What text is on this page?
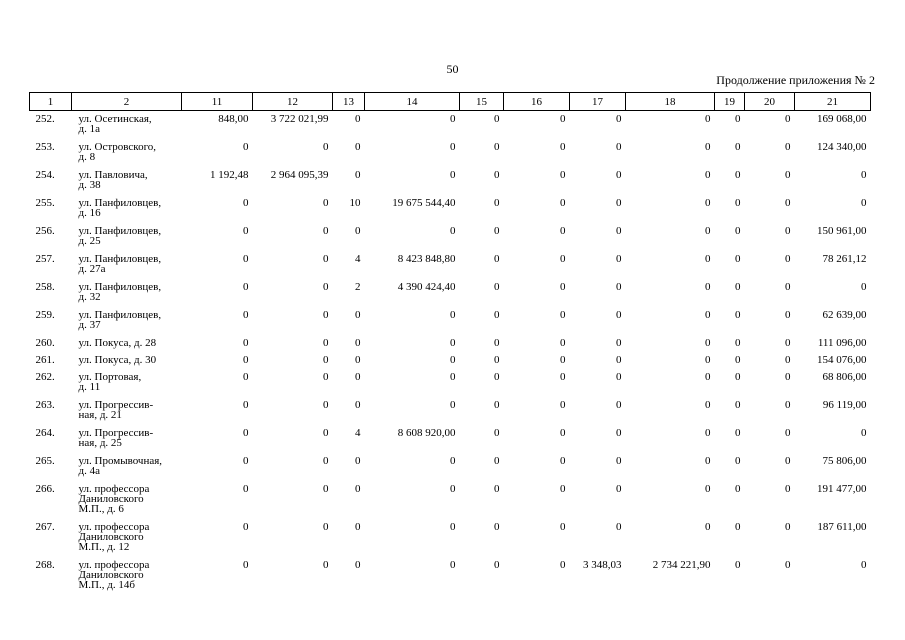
50
Продолжение приложения № 2
1	2	11	12	13	14	15	16	17	18	19	20	21
252.	ул. Осетинская,
д. 1а	848,00	3 722 021,99	0	0	0	0	0	0	0	0	169 068,00
253.	ул. Островского,
д. 8	0	0	0	0	0	0	0	0	0	0	124 340,00
254.	ул. Павловича,
д. 38	1 192,48	2 964 095,39	0	0	0	0	0	0	0	0	0
255.	ул. Панфиловцев,
д. 16	0	0	10	19 675 544,40	0	0	0	0	0	0	0
256.	ул. Панфиловцев,
д. 25	0	0	0	0	0	0	0	0	0	0	150 961,00
257.	ул. Панфиловцев,
д. 27а	0	0	4	8 423 848,80	0	0	0	0	0	0	78 261,12
258.	ул. Панфиловцев,
д. 32	0	0	2	4 390 424,40	0	0	0	0	0	0	0
259.	ул. Панфиловцев,
д. 37	0	0	0	0	0	0	0	0	0	0	62 639,00
260.	ул. Покуса, д. 28	0	0	0	0	0	0	0	0	0	0	111 096,00
261.	ул. Покуса, д. 30	0	0	0	0	0	0	0	0	0	0	154 076,00
262.	ул. Портовая,
д. 11	0	0	0	0	0	0	0	0	0	0	68 806,00
263.	ул. Прогрессив-
ная, д. 21	0	0	0	0	0	0	0	0	0	0	96 119,00
264.	ул. Прогрессив-
ная, д. 25	0	0	4	8 608 920,00	0	0	0	0	0	0	0
265.	ул. Промывочная,
д. 4а	0	0	0	0	0	0	0	0	0	0	75 806,00
266.	ул. профессора
Даниловского
М.П., д. 6	0	0	0	0	0	0	0	0	0	0	191 477,00
267.	ул. профессора
Даниловского
М.П., д. 12	0	0	0	0	0	0	0	0	0	0	187 611,00
268.	ул. профессора
Даниловского
М.П., д. 14б	0	0	0	0	0	0	3 348,03	2 734 221,90	0	0	0
